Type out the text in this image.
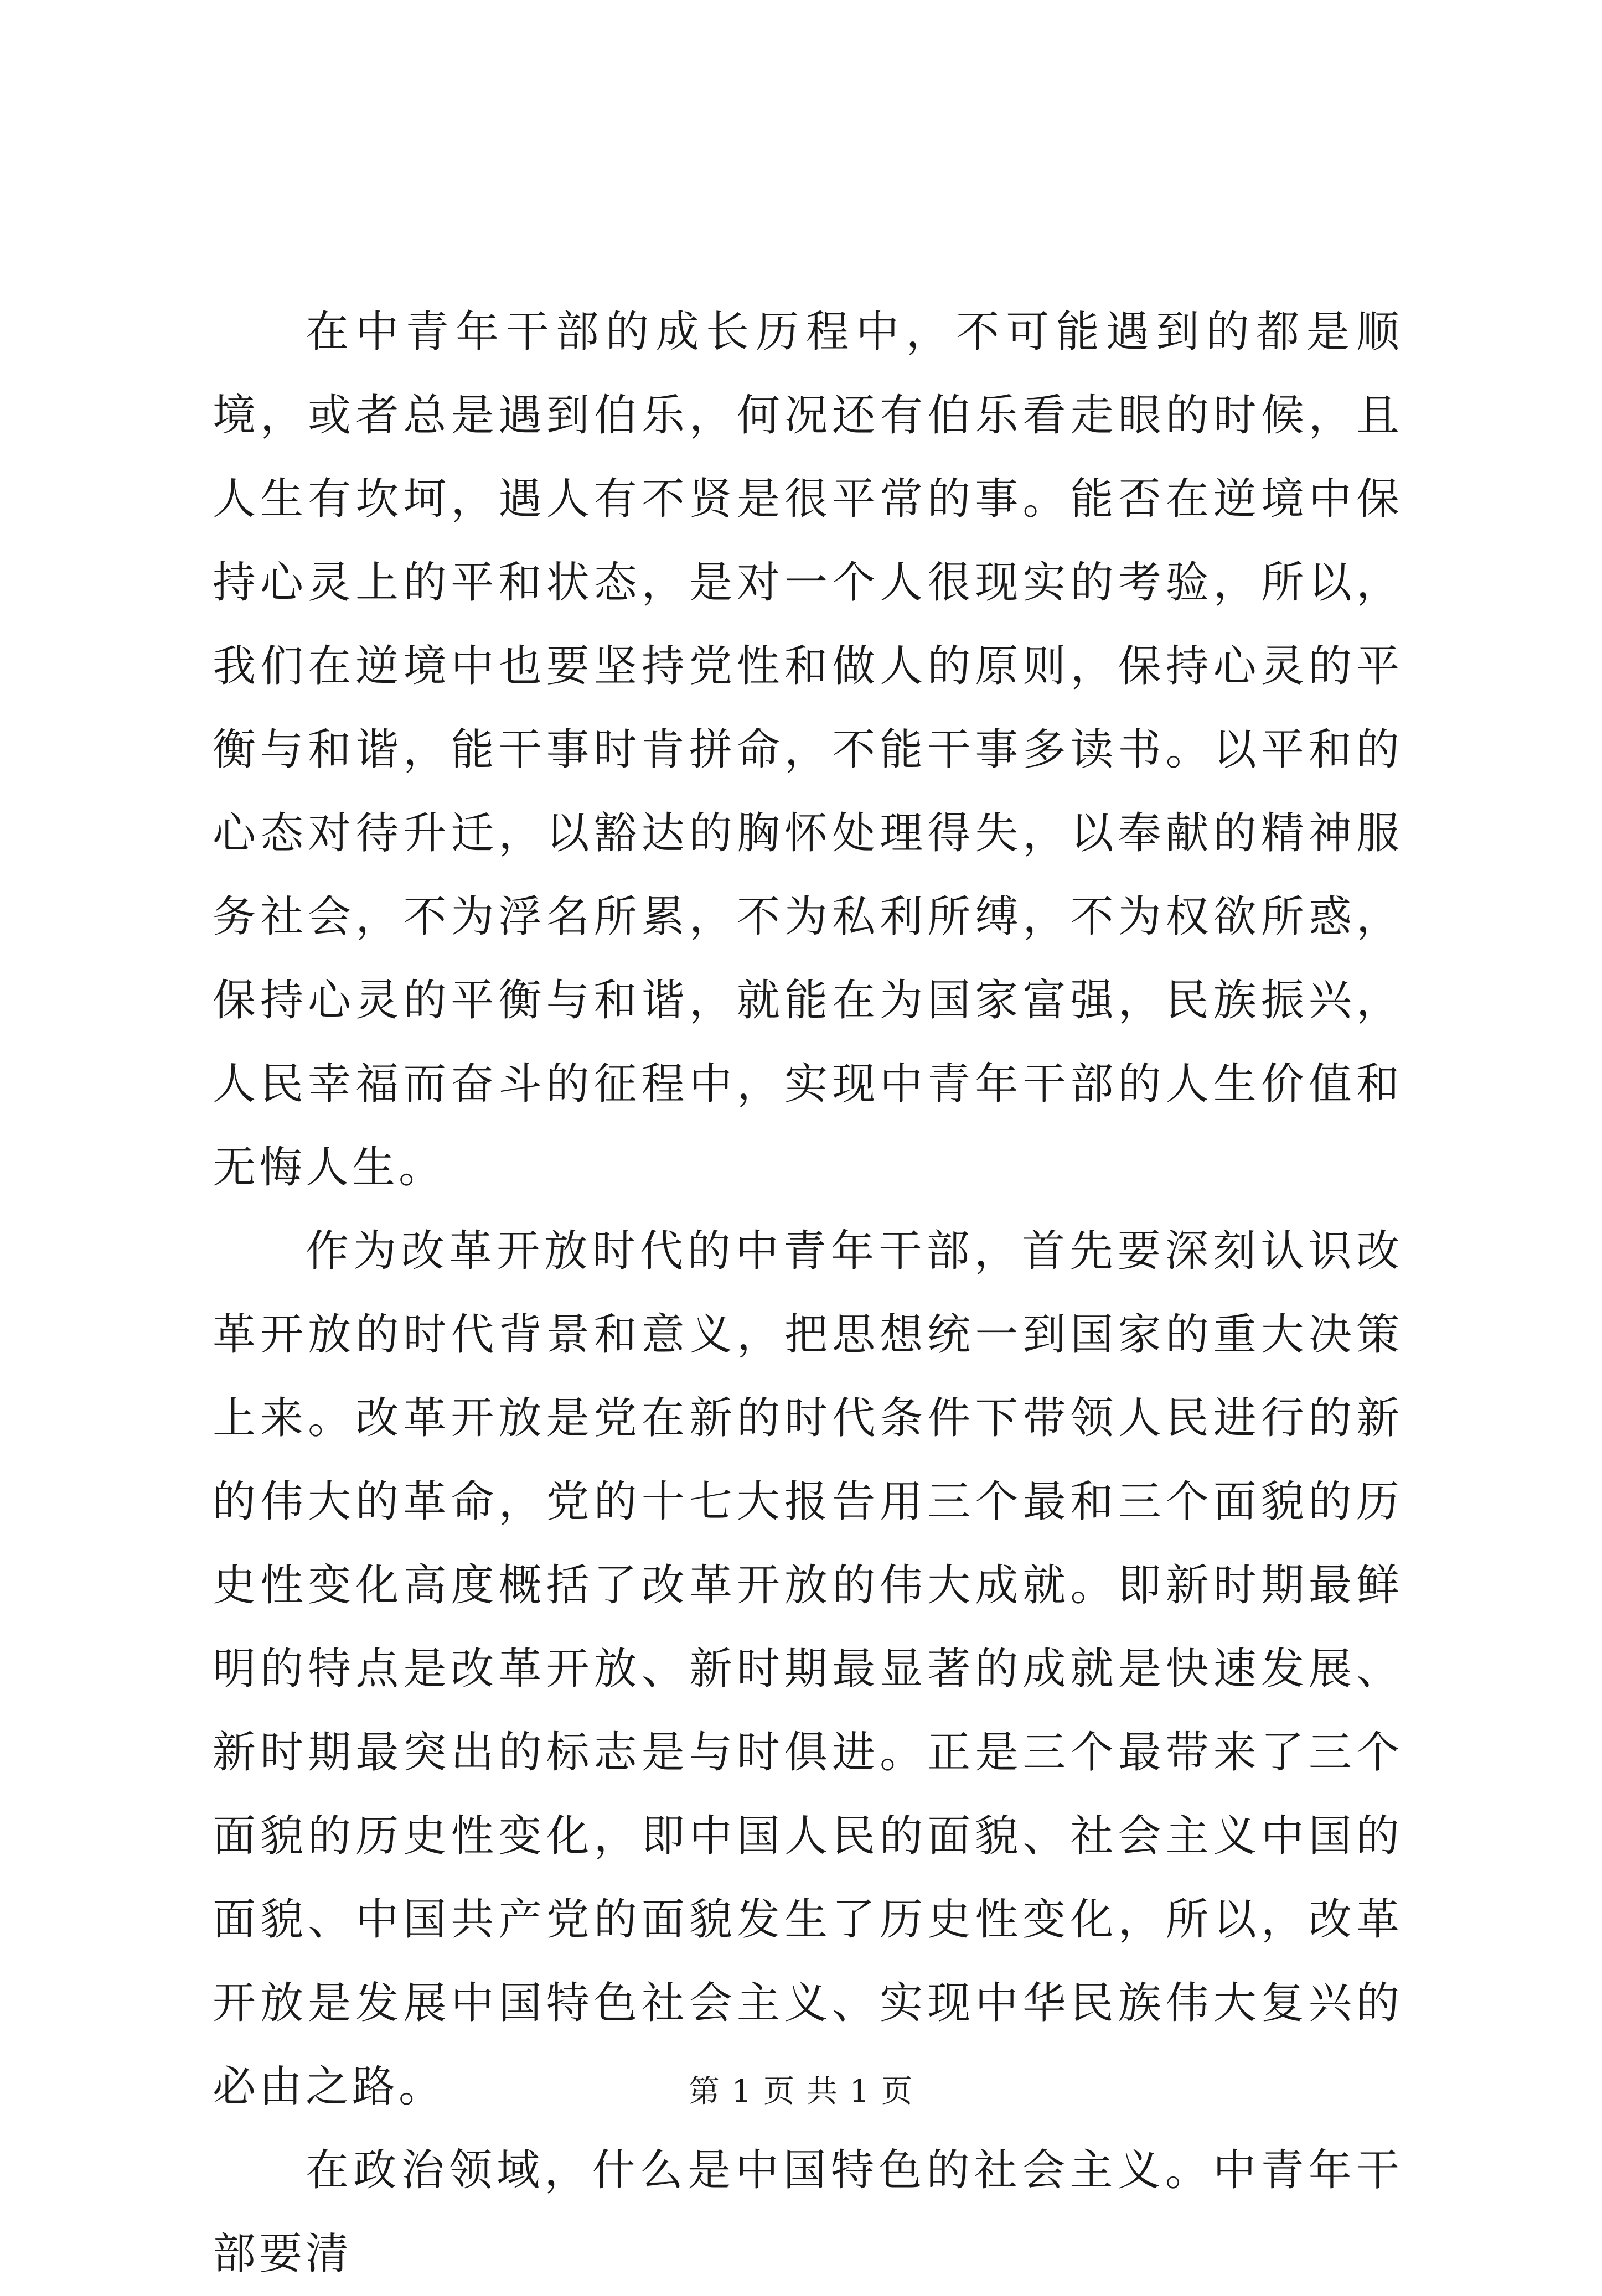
在中青年干部的成长历程中，不可能遇到的都是顺境，或者总是遇到伯乐，何况还有伯乐看走眼的时候，且人生有坎坷，遇人有不贤是很平常的事。能否在逆境中保持心灵上的平和状态，是对一个人很现实的考验，所以，我们在逆境中也要坚持党性和做人的原则，保持心灵的平衡与和谐，能干事时肯拼命，不能干事多读书。以平和的心态对待升迁，以豁达的胸怀处理得失，以奉献的精神服务社会，不为浮名所累，不为私利所缚，不为权欲所惑，保持心灵的平衡与和谐，就能在为国家富强，民族振兴，人民幸福而奋斗的征程中，实现中青年干部的人生价值和无悔人生。

作为改革开放时代的中青年干部，首先要深刻认识改革开放的时代背景和意义，把思想统一到国家的重大决策上来。改革开放是党在新的时代条件下带领人民进行的新的伟大的革命，党的十七大报告用三个最和三个面貌的历史性变化高度概括了改革开放的伟大成就。即新时期最鲜明的特点是改革开放、新时期最显著的成就是快速发展、新时期最突出的标志是与时俱进。正是三个最带来了三个面貌的历史性变化，即中国人民的面貌、社会主义中国的面貌、中国共产党的面貌发生了历史性变化，所以，改革开放是发展中国特色社会主义、实现中华民族伟大复兴的必由之路。

在政治领域，什么是中国特色的社会主义。中青年干部要清

第 1 页 共 1 页
